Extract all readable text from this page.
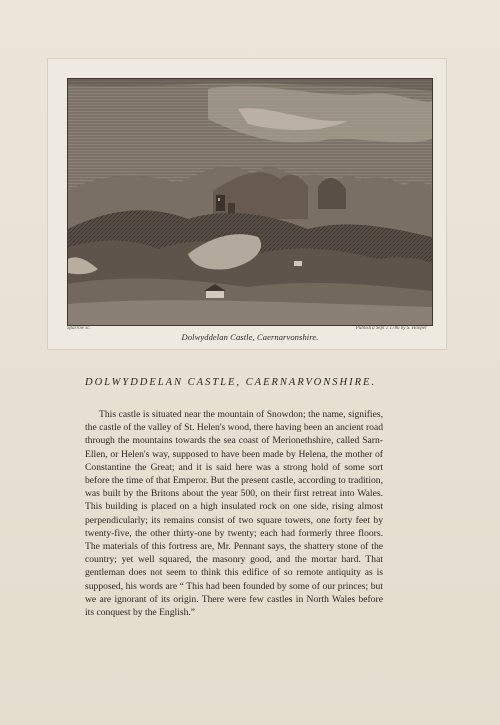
Sparrow sc.	Publish'd Sept 1 1786 by S. Hooper
Dolwyddelan Castle, Caernarvonshire.
DOLWYDDELAN CASTLE, CAERNARVONSHIRE.

This castle is situated near the mountain of Snowdon; the name, signifies, the castle of the valley of St. Helen's wood, there having been an ancient road through the mountains towards the sea coast of Merionethshire, called Sarn-Ellen, or Helen's way, supposed to have been made by Helena, the mother of Constantine the Great; and it is said here was a strong hold of some sort before the time of that Emperor. But the present castle, according to tradition, was built by the Britons about the year 500, on their first retreat into Wales. This building is placed on a high insulated rock on one side, rising almost perpendicularly; its remains consist of two square towers, one forty feet by twenty-five, the other thirty-one by twenty; each had formerly three floors. The materials of this fortress are, Mr. Pennant says, the shattery stone of the country; yet well squared, the masonry good, and the mortar hard. That gentleman does not seem to think this edifice of so remote antiquity as is supposed, his words are “ This had been founded by some of our princes; but we are ignorant of its origin. There were few castles in North Wales before its conquest by the English.”
